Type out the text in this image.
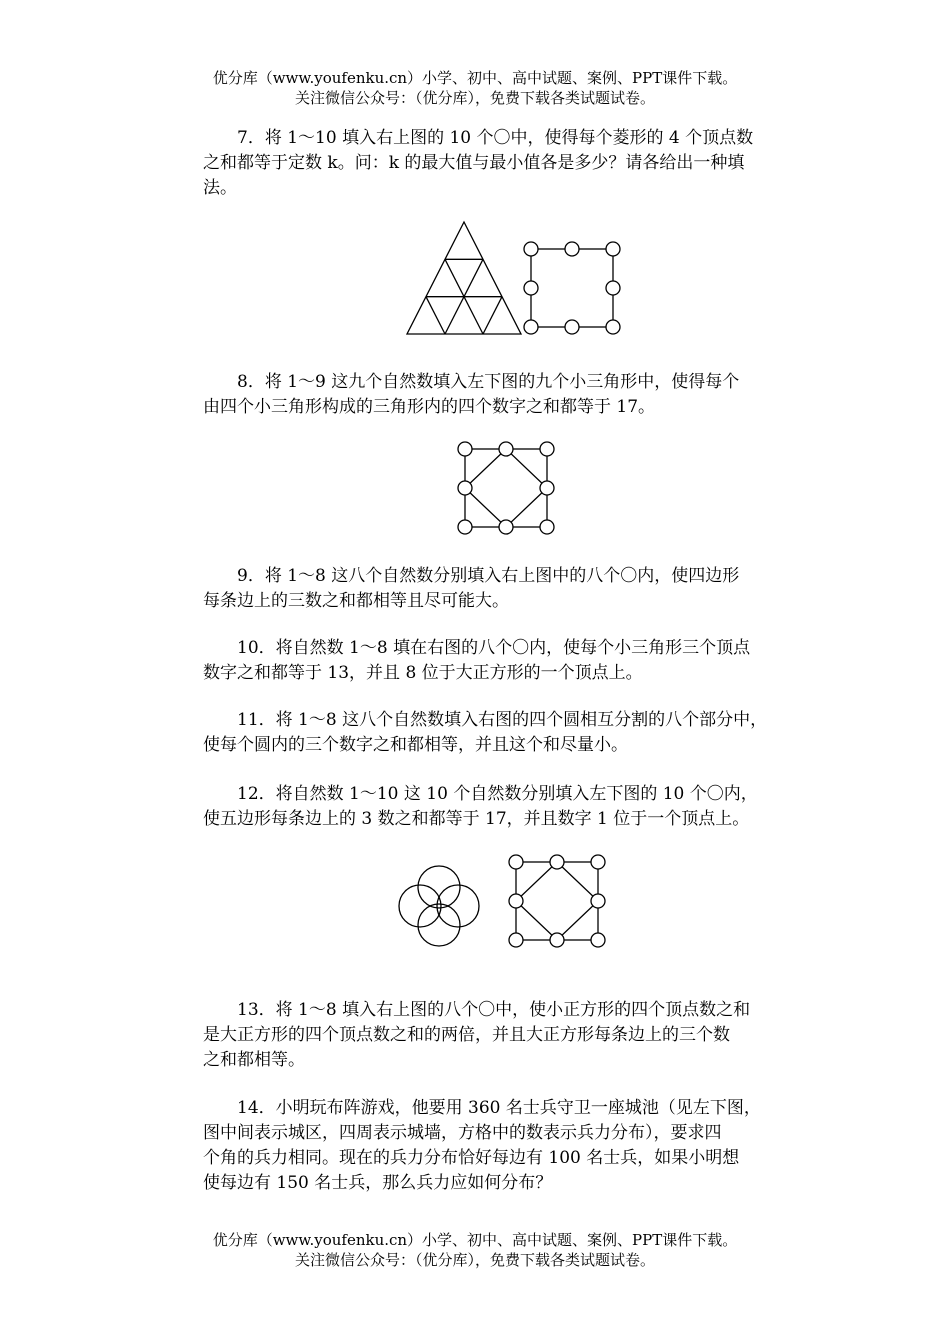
优分库（www.youfenku.cn）小学、初中、高中试题、案例、PPT课件下载。
关注微信公众号：（优分库），免费下载各类试题试卷。
7．将 1～10 填入右上图的 10 个〇中，使得每个菱形的 4 个顶点数
之和都等于定数 k。问：k 的最大值与最小值各是多少？请各给出一种填
法。
8．将 1～9 这九个自然数填入左下图的九个小三角形中，使得每个
由四个小三角形构成的三角形内的四个数字之和都等于 17。
9．将 1～8 这八个自然数分别填入右上图中的八个〇内，使四边形
每条边上的三数之和都相等且尽可能大。
10．将自然数 1～8 填在右图的八个〇内，使每个小三角形三个顶点
数字之和都等于 13，并且 8 位于大正方形的一个顶点上。
11．将 1～8 这八个自然数填入右图的四个圆相互分割的八个部分中，
使每个圆内的三个数字之和都相等，并且这个和尽量小。
12．将自然数 1～10 这 10 个自然数分别填入左下图的 10 个〇内，
使五边形每条边上的 3 数之和都等于 17，并且数字 1 位于一个顶点上。
13．将 1～8 填入右上图的八个〇中，使小正方形的四个顶点数之和
是大正方形的四个顶点数之和的两倍，并且大正方形每条边上的三个数
之和都相等。
14．小明玩布阵游戏，他要用 360 名士兵守卫一座城池（见左下图，
图中间表示城区，四周表示城墙，方格中的数表示兵力分布），要求四
个角的兵力相同。现在的兵力分布恰好每边有 100 名士兵，如果小明想
使每边有 150 名士兵，那么兵力应如何分布？
优分库（www.youfenku.cn）小学、初中、高中试题、案例、PPT课件下载。
关注微信公众号：（优分库），免费下载各类试题试卷。
